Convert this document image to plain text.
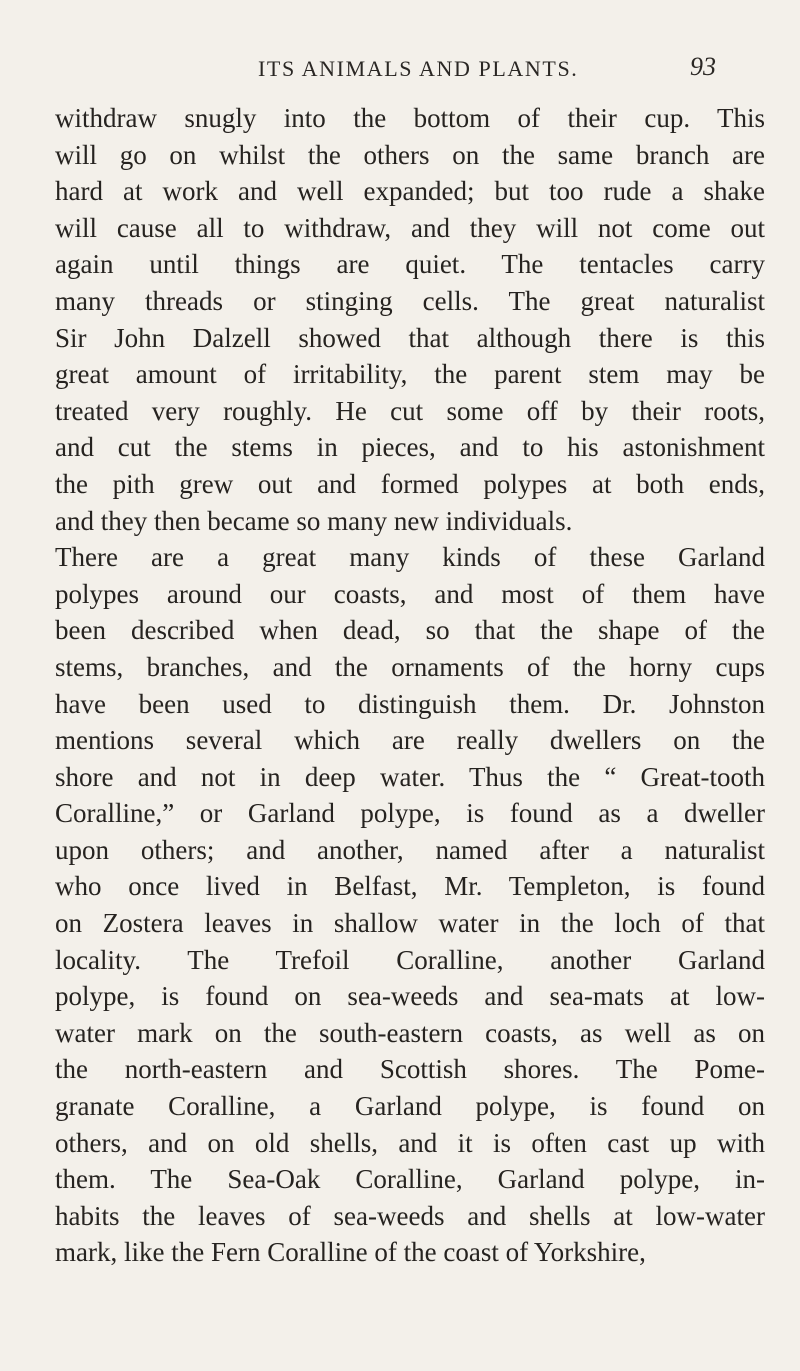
ITS ANIMALS AND PLANTS.	93
withdraw snugly into the bottom of their cup. This
will go on whilst the others on the same branch are
hard at work and well expanded; but too rude a shake
will cause all to withdraw, and they will not come out
again until things are quiet. The tentacles carry
many threads or stinging cells. The great naturalist
Sir John Dalzell showed that although there is this
great amount of irritability, the parent stem may be
treated very roughly. He cut some off by their roots,
and cut the stems in pieces, and to his astonishment
the pith grew out and formed polypes at both ends,
and they then became so many new individuals.
There are a great many kinds of these Garland
polypes around our coasts, and most of them have
been described when dead, so that the shape of the
stems, branches, and the ornaments of the horny cups
have been used to distinguish them. Dr. Johnston
mentions several which are really dwellers on the
shore and not in deep water. Thus the “ Great-tooth
Coralline,” or Garland polype, is found as a dweller
upon others; and another, named after a naturalist
who once lived in Belfast, Mr. Templeton, is found
on Zostera leaves in shallow water in the loch of that
locality. The Trefoil Coralline, another Garland
polype, is found on sea-weeds and sea-mats at low-
water mark on the south-eastern coasts, as well as on
the north-eastern and Scottish shores. The Pome-
granate Coralline, a Garland polype, is found on
others, and on old shells, and it is often cast up with
them. The Sea-Oak Coralline, Garland polype, in-
habits the leaves of sea-weeds and shells at low-water
mark, like the Fern Coralline of the coast of Yorkshire,
